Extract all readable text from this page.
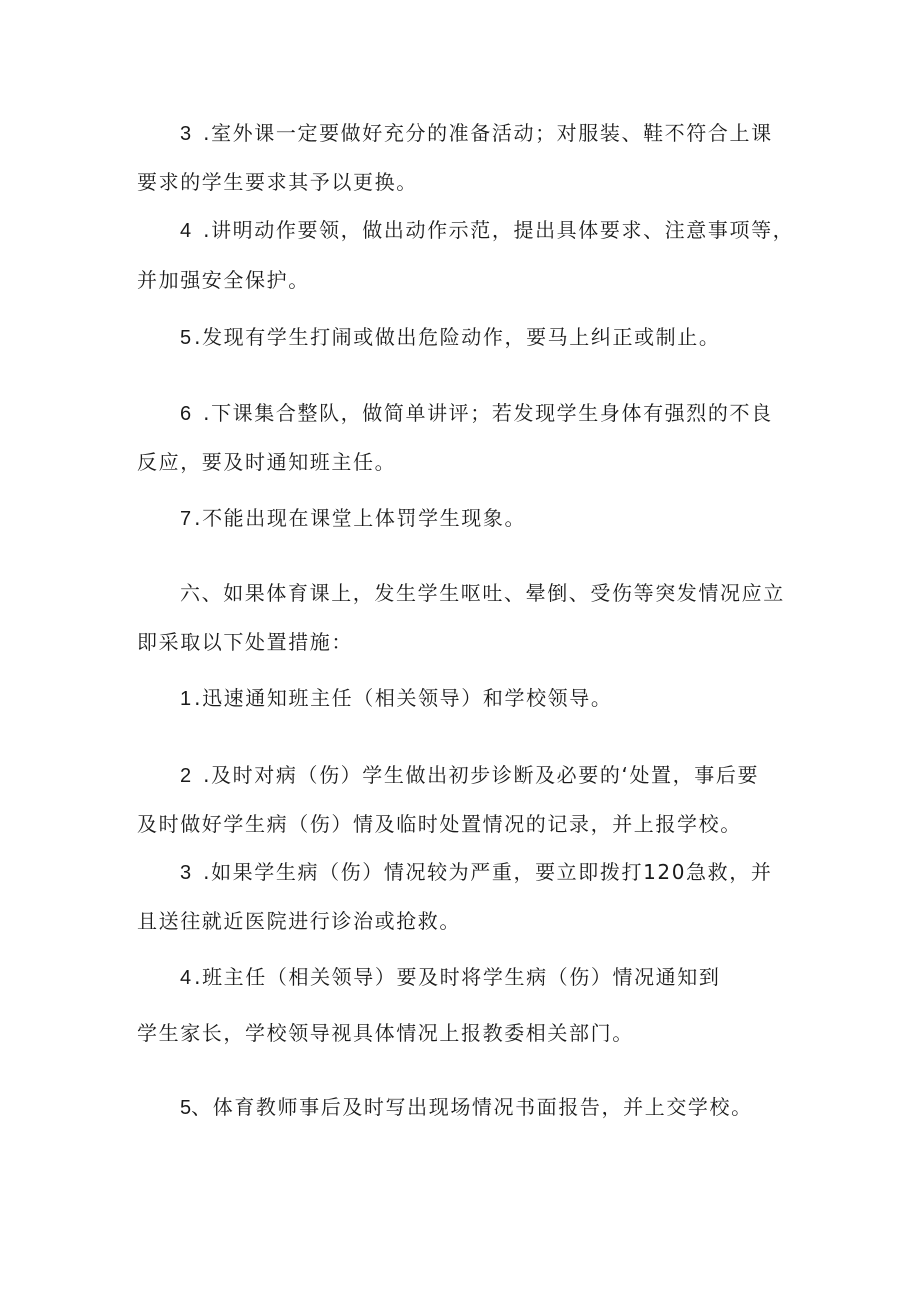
3 .室外课一定要做好充分的准备活动；对服装、鞋不符合上课
要求的学生要求其予以更换。
4 .讲明动作要领，做出动作示范，提出具体要求、注意事项等，
并加强安全保护。
5 .发现有学生打闹或做出危险动作，要马上纠正或制止。
6 .下课集合整队，做简单讲评；若发现学生身体有强烈的不良
反应，要及时通知班主任。
7 .不能出现在课堂上体罚学生现象。
六、如果体育课上，发生学生呕吐、晕倒、受伤等突发情况应立
即采取以下处置措施：
1 .迅速通知班主任（相关领导）和学校领导。
2 .及时对病（伤）学生做出初步诊断及必要的‘处置，事后要
及时做好学生病（伤）情及临时处置情况的记录，并上报学校。
3 .如果学生病（伤）情况较为严重，要立即拨打120急救，并
且送往就近医院进行诊治或抢救。
4 .班主任（相关领导）要及时将学生病（伤）情况通知到
学生家长，学校领导视具体情况上报教委相关部门。
5、体育教师事后及时写出现场情况书面报告，并上交学校。
